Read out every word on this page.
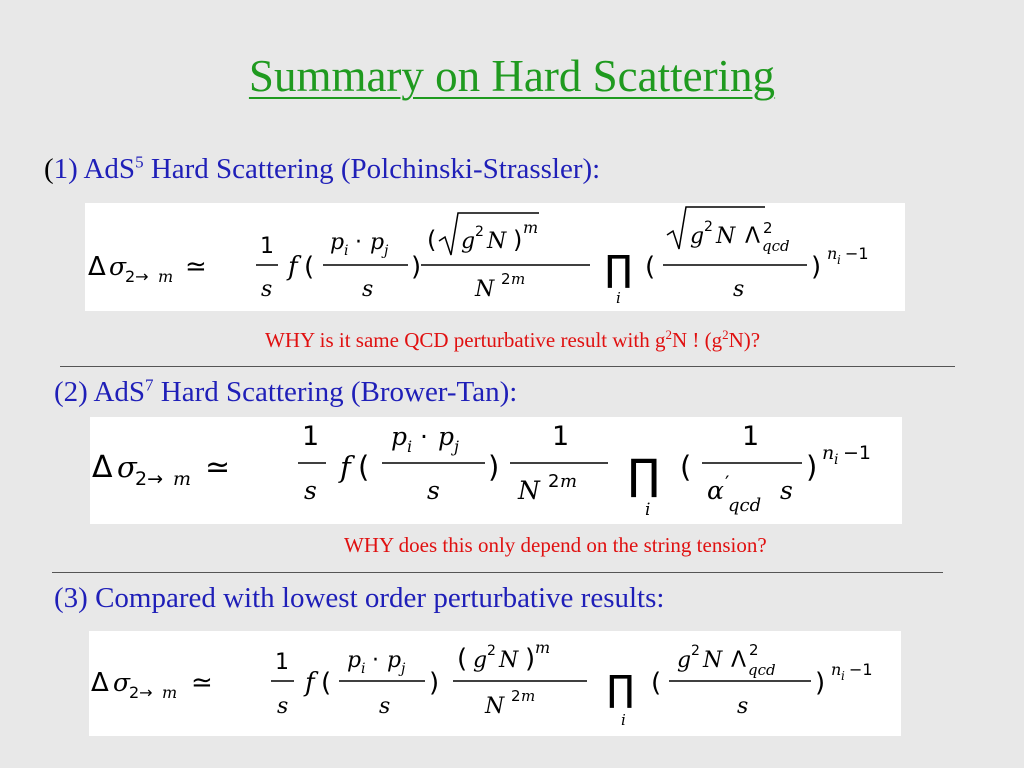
Summary on Hard Scattering
(1) AdS$^5$ Hard Scattering (Polchinski-Strassler):
Δ σ
2→ m ≃
1
s
f (
p i · p j
s
)
( g 2 N ) m
N 2 m ∏
i
(
g 2 N Λ 2
qcd
s
) n i −1
WHY is it same QCD perturbative result with $g^2N$ ! $(g^2N)$?
(2) AdS$^7$ Hard Scattering (Brower-Tan):
Δ σ
2→ m ≃
1
s
f (
p i · p j
s
)
1
N 2 m ∏
i
(
1
α ′
qcd
s
) n i −1
WHY does this only depend on the string tension?
(3) Compared with lowest order perturbative results:
Δ σ
2→ m ≃
1
s
f (
p i · p j
s
)
( g 2 N ) m
N 2 m ∏
i
(
g 2 N Λ 2
qcd
s
) n i −1
